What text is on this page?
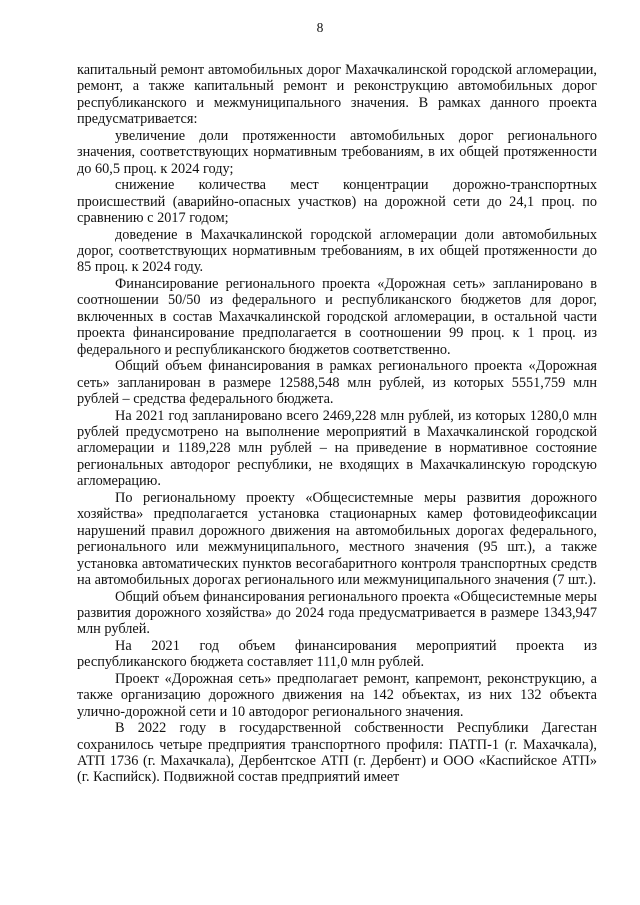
8

капитальный ремонт автомобильных дорог Махачкалинской городской агломерации, ремонт, а также капитальный ремонт и реконструкцию автомобильных дорог республиканского и межмуниципального значения. В рамках данного проекта предусматривается:

увеличение доли протяженности автомобильных дорог регионального значения, соответствующих нормативным требованиям, в их общей протяженности до 60,5 проц. к 2024 году;

снижение количества мест концентрации дорожно-транспортных происшествий (аварийно-опасных участков) на дорожной сети до 24,1 проц. по сравнению с 2017 годом;

доведение в Махачкалинской городской агломерации доли автомобильных дорог, соответствующих нормативным требованиям, в их общей протяженности до 85 проц. к 2024 году.

Финансирование регионального проекта «Дорожная сеть» запланировано в соотношении 50/50 из федерального и республиканского бюджетов для дорог, включенных в состав Махачкалинской городской агломерации, в остальной части проекта финансирование предполагается в соотношении 99 проц. к 1 проц. из федерального и республиканского бюджетов соответственно.

Общий объем финансирования в рамках регионального проекта «Дорожная сеть» запланирован в размере 12588,548 млн рублей, из которых 5551,759 млн рублей – средства федерального бюджета.

На 2021 год запланировано всего 2469,228 млн рублей, из которых 1280,0 млн рублей предусмотрено на выполнение мероприятий в Махачкалинской городской агломерации и 1189,228 млн рублей – на приведение в нормативное состояние региональных автодорог республики, не входящих в Махачкалинскую городскую агломерацию.

По региональному проекту «Общесистемные меры развития дорожного хозяйства» предполагается установка стационарных камер фотовидеофиксации нарушений правил дорожного движения на автомобильных дорогах федерального, регионального или межмуниципального, местного значения (95 шт.), а также установка автоматических пунктов весогабаритного контроля транспортных средств на автомобильных дорогах регионального или межмуниципального значения (7 шт.).

Общий объем финансирования регионального проекта «Общесистемные меры развития дорожного хозяйства» до 2024 года предусматривается в размере 1343,947 млн рублей.

На 2021 год объем финансирования мероприятий проекта из республиканского бюджета составляет 111,0 млн рублей.

Проект «Дорожная сеть» предполагает ремонт, капремонт, реконструкцию, а также организацию дорожного движения на 142 объектах, из них 132 объекта улично-дорожной сети и 10 автодорог регионального значения.

В 2022 году в государственной собственности Республики Дагестан сохранилось четыре предприятия транспортного профиля: ПАТП-1 (г. Махачкала), АТП 1736 (г. Махачкала), Дербентское АТП (г. Дербент) и ООО «Каспийское АТП» (г. Каспийск). Подвижной состав предприятий имеет
